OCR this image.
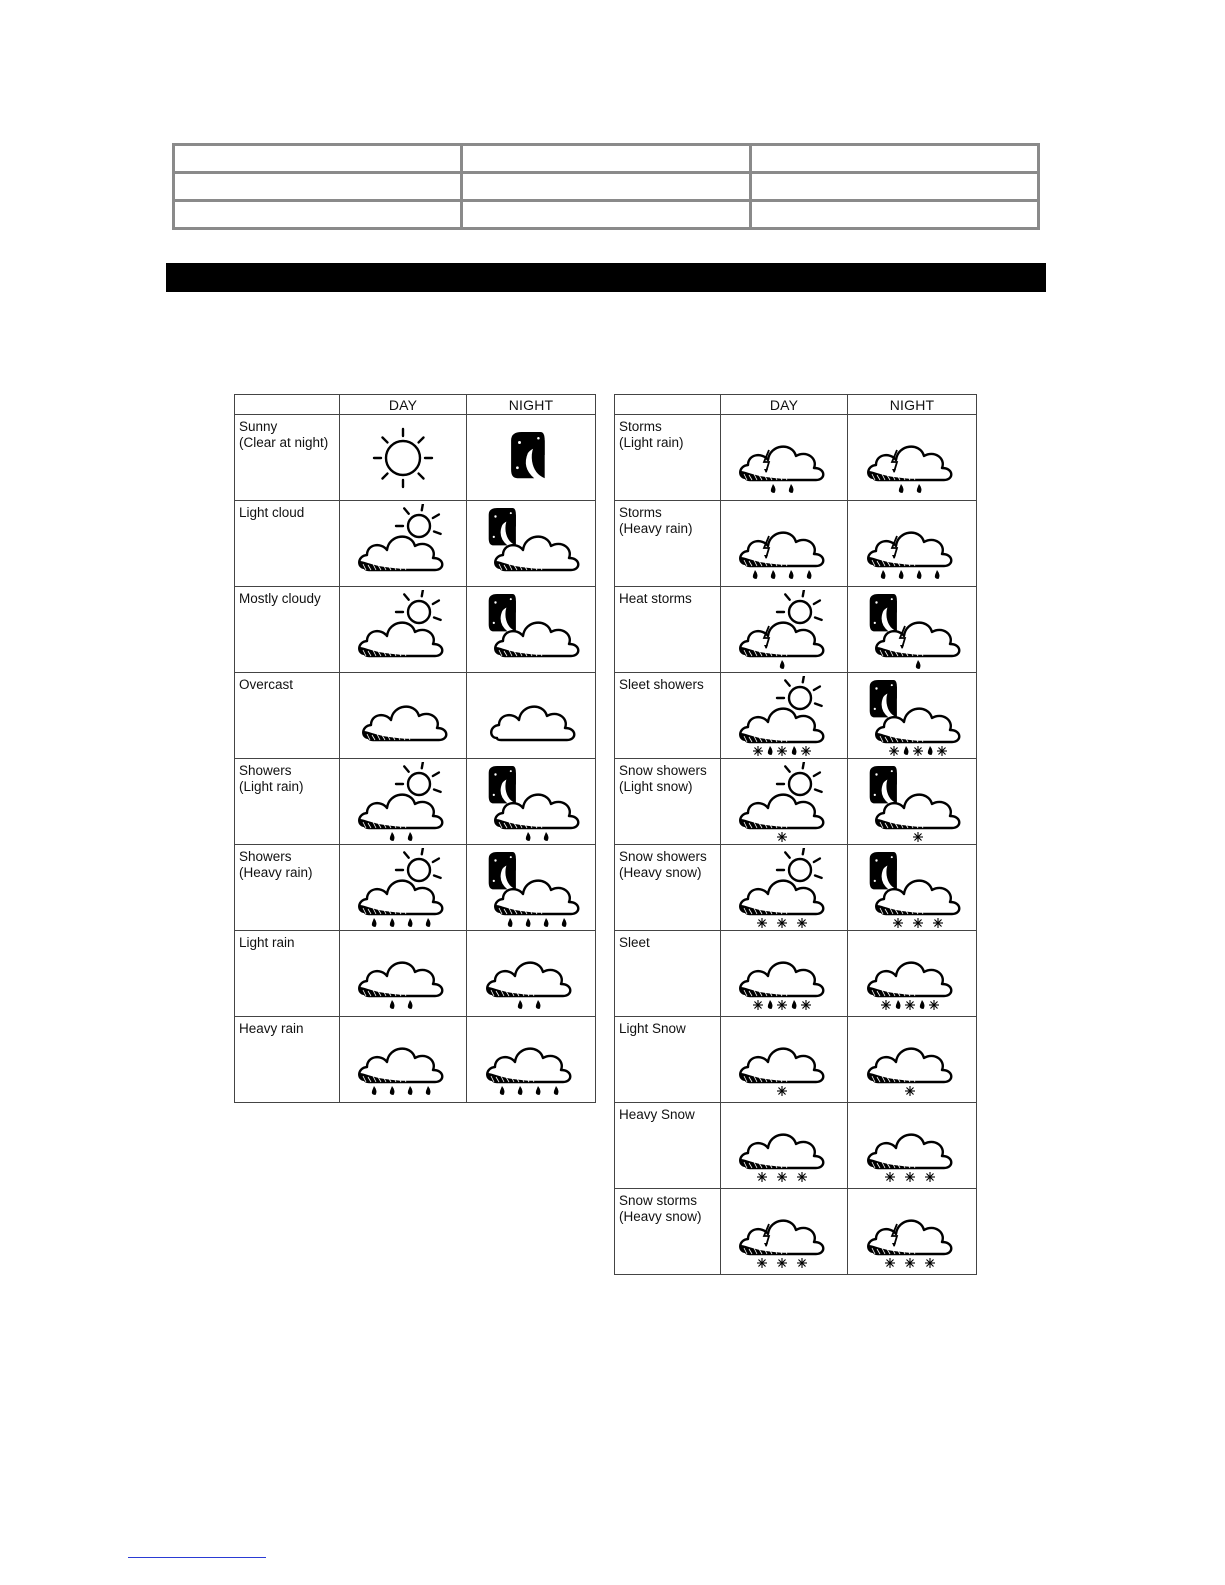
	DAY	NIGHT

Sunny
(Clear at night)

Light cloud

Mostly cloudy

Overcast

Showers
(Light rain)

Showers
(Heavy rain)

Light rain

Heavy rain

	DAY	NIGHT

Storms
(Light rain)

Storms
(Heavy rain)

Heat storms

Sleet showers

Snow showers
(Light snow)

Snow showers
(Heavy snow)

Sleet

Light Snow

Heavy Snow

Snow storms
(Heavy snow)
